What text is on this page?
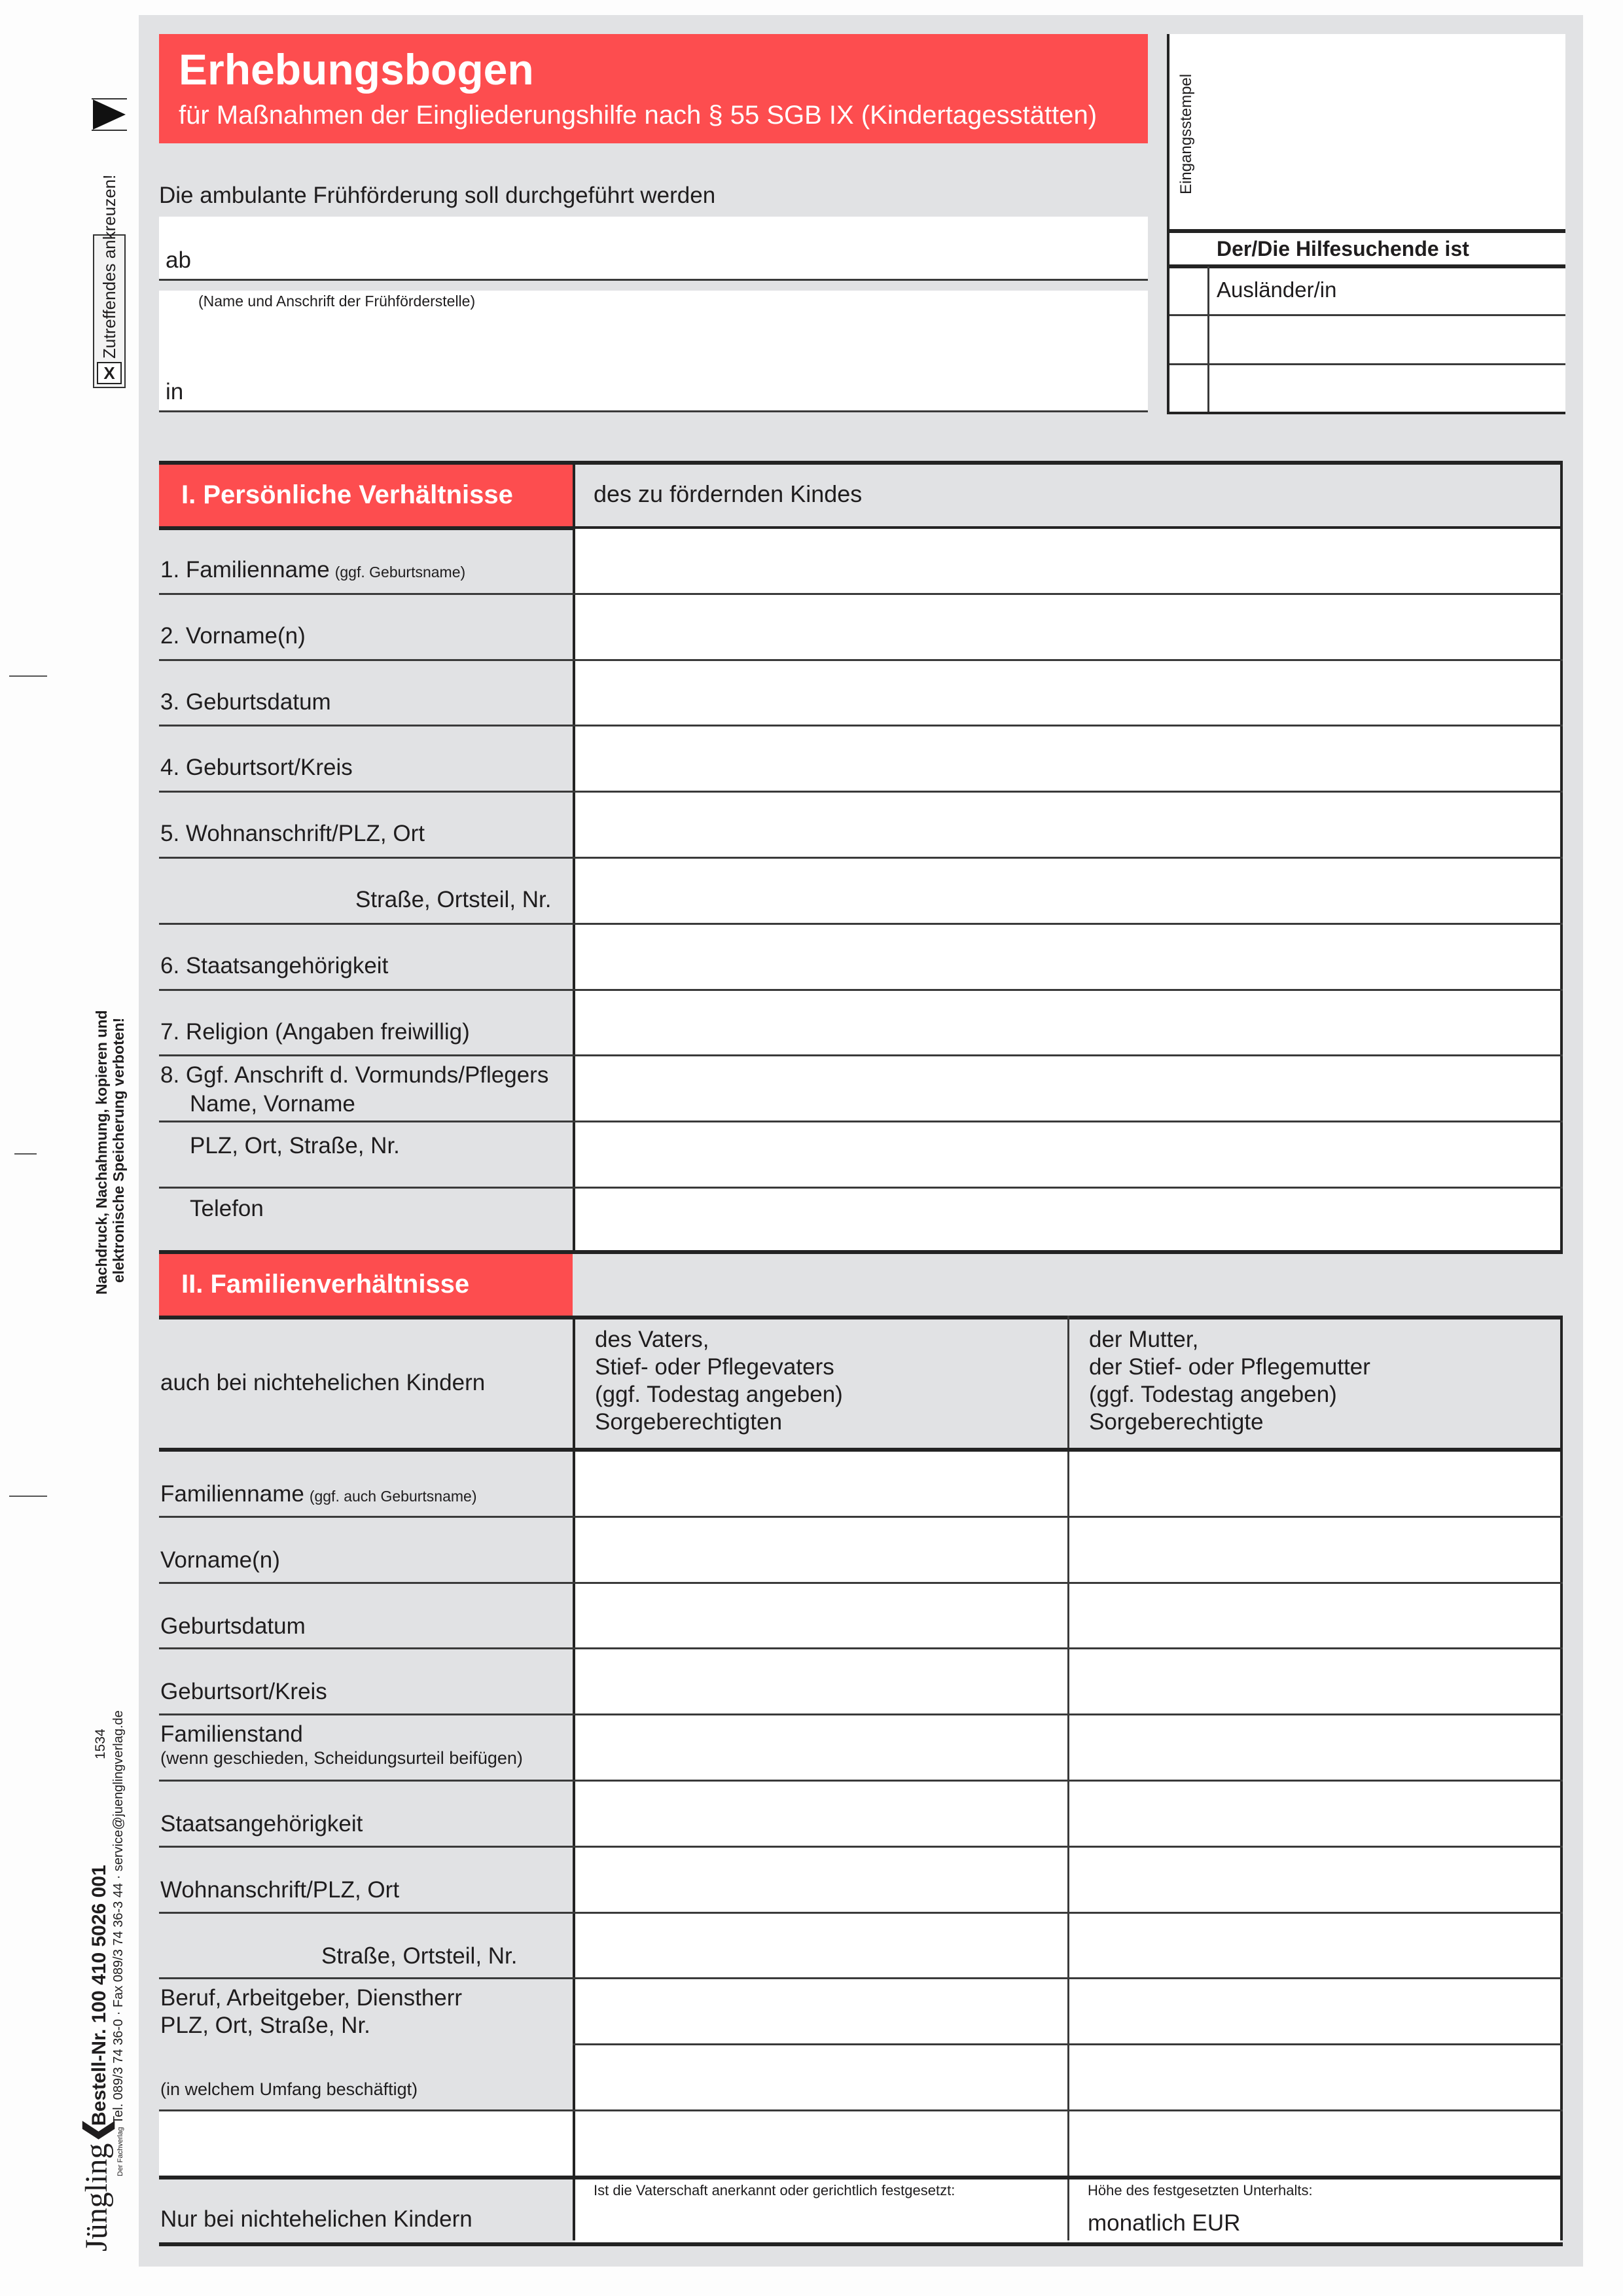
X
Zutreffendes ankreuzen!
Nachdruck, Nachahmung, kopieren und elektronische Speicherung verboten!
Jüngling❮ Der Fachverlag
Bestell-Nr. 100 410 5026 001 Tel. 089/3 74 36-0 · Fax 089/3 74 36-3 44 · service@juenglingverlag.de
1534
Erhebungsbogen
für Maßnahmen der Eingliederungshilfe nach § 55 SGB IX (Kindertagesstätten)	Eingangsstempel
Der/Die Hilfesuchende ist
Ausländer/in
Die ambulante Frühförderung soll durchgeführt werden
ab
(Name und Anschrift der Frühförderstelle)
in
I. Persönliche Verhältnisse	des zu fördernden Kindes
1. Familienname (ggf. Geburtsname)
2. Vorname(n)
3. Geburtsdatum
4. Geburtsort/Kreis
5. Wohnanschrift/PLZ, Ort
Straße, Ortsteil, Nr.
6. Staatsangehörigkeit
7. Religion (Angaben freiwillig)
8. Ggf. Anschrift d. Vormunds/Pflegers
Name, Vorname
PLZ, Ort, Straße, Nr.
Telefon
II. Familienverhältnisse
auch bei nichtehelichen Kindern
des Vaters,
Stief- oder Pflegevaters
(ggf. Todestag angeben)
Sorgeberechtigten
der Mutter,
der Stief- oder Pflegemutter
(ggf. Todestag angeben)
Sorgeberechtigte
Familienname (ggf. auch Geburtsname)
Vorname(n)
Geburtsdatum
Geburtsort/Kreis
Familienstand
(wenn geschieden, Scheidungsurteil beifügen)
Staatsangehörigkeit
Wohnanschrift/PLZ, Ort
Straße, Ortsteil, Nr.
Beruf, Arbeitgeber, Dienstherr
PLZ, Ort, Straße, Nr.
(in welchem Umfang beschäftigt)
Nur bei nichtehelichen Kindern
Ist die Vaterschaft anerkannt oder gerichtlich festgesetzt:	Höhe des festgesetzten Unterhalts:
monatlich EUR
